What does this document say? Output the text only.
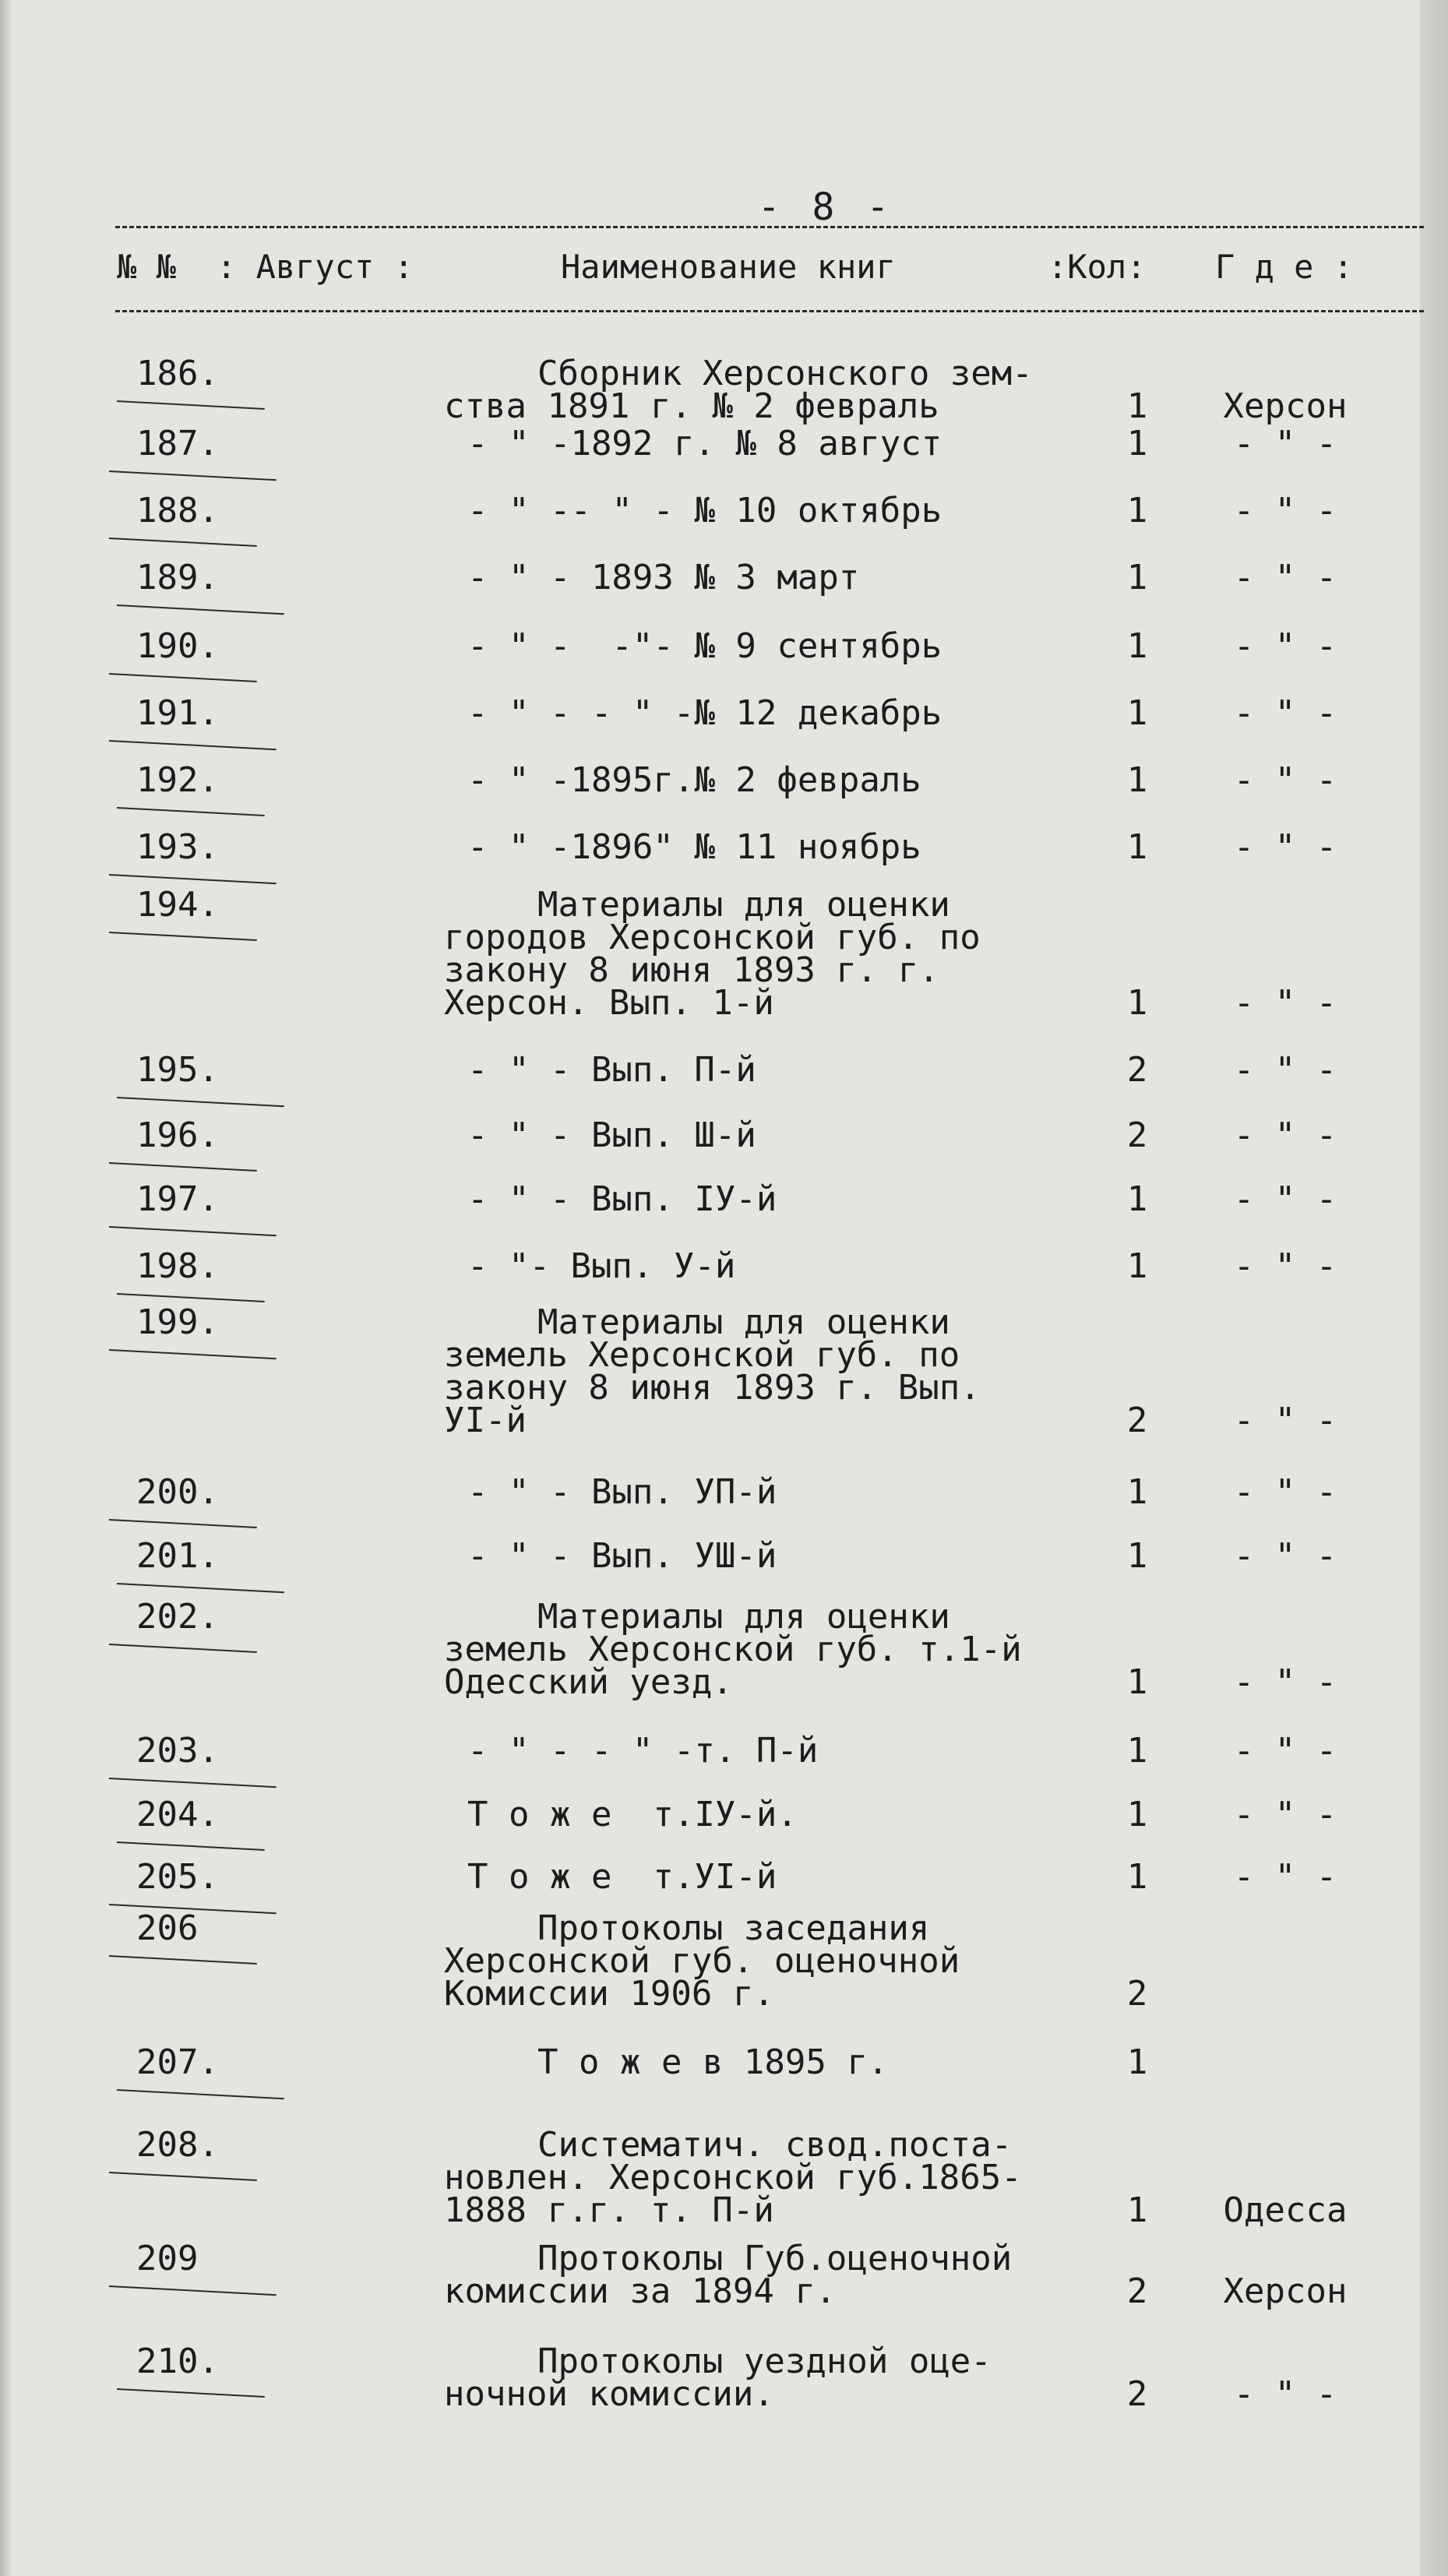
- 8 -
№ № : Август :	Наименование книг	:Кол: Г д е :
186.	Сборник Херсонского зем-
ства 1891 г. № 2 февраль	1	Херсон
187.	- " -1892 г. № 8 август	1	- " -
188.	- " -- " - № 10 октябрь	1	- " -
189.	- " - 1893 № 3 март	1	- " -
190.	- " -  -"- № 9 сентябрь	1	- " -
191.	- " - - " -№ 12 декабрь	1	- " -
192.	- " -1895г.№ 2 февраль	1	- " -
193.	- " -1896" № 11 ноябрь	1	- " -
194.	Материалы для оценки
городов Херсонской губ. по
закону 8 июня 1893 г. г.
Херсон. Вып. 1-й	1	- " -
195.	- " - Вып. П-й	2	- " -
196.	- " - Вып. Ш-й	2	- " -
197.	- " - Вып. IУ-й	1	- " -
198.	- "- Вып. У-й	1	- " -
199.	Материалы для оценки
земель Херсонской губ. по
закону 8 июня 1893 г. Вып.
УI-й	2	- " -
200.	- " - Вып. УП-й	1	- " -
201.	- " - Вып. УШ-й	1	- " -
202.	Материалы для оценки
земель Херсонской губ. т.1-й
Одесский уезд.	1	- " -
203.	- " - - " -т. П-й	1	- " -
204.	Т о ж е  т.IУ-й.	1	- " -
205.	Т о ж е  т.УI-й	1	- " -
206	Протоколы заседания
Херсонской губ. оценочной
Комиссии 1906 г.	2
207.	Т о ж е в 1895 г.	1
208.	Систематич. свод.поста-
новлен. Херсонской губ.1865-
1888 г.г. т. П-й	1	Одесса
209	Протоколы Губ.оценочной
комиссии за 1894 г.	2	Херсон
210.	Протоколы уездной оце-
ночной комиссии.	2	- " -
